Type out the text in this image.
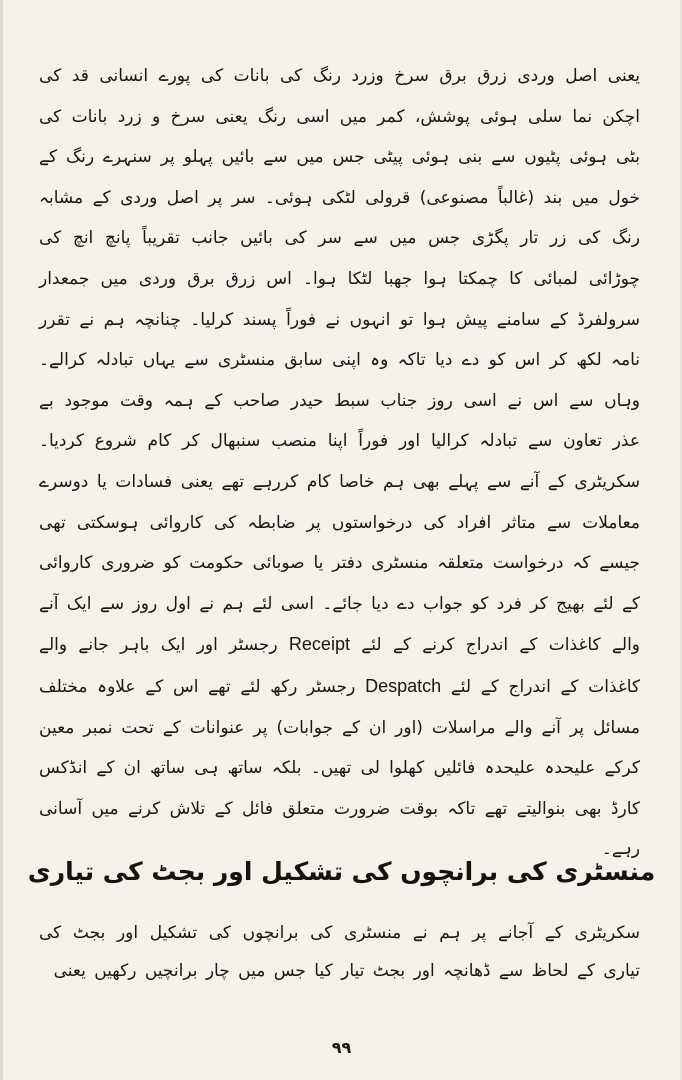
یعنی اصل وردی زرق برق سرخ وزرد رنگ کی بانات کی پورے انسانی قد کی اچکن نما سلی ہوئی پوشش، کمر میں اسی رنگ یعنی سرخ و زرد بانات کی بٹی ہوئی پٹیوں سے بنی ہوئی پیٹی جس میں سے بائیں پہلو پر سنہرے رنگ کے خول میں بند (غالباً مصنوعی) قرولی لٹکی ہوئی۔ سر پر اصل وردی کے مشابہ رنگ کی زر تار پگڑی جس میں سے سر کی بائیں جانب تقریباً پانچ انچ کی چوڑائی لمبائی کا چمکتا ہوا جھبا لٹکا ہوا۔ اس زرق برق وردی میں جمعدار سرولفرڈ کے سامنے پیش ہوا تو انہوں نے فوراً پسند کرلیا۔ چنانچہ ہم نے تقرر نامہ لکھ کر اس کو دے دیا تاکہ وہ اپنی سابق منسٹری سے یہاں تبادلہ کرالے۔ وہاں سے اس نے اسی روز جناب سبط حیدر صاحب کے ہمہ وقت موجود بے عذر تعاون سے تبادلہ کرالیا اور فوراً اپنا منصب سنبھال کر کام شروع کردیا۔ سکریٹری کے آنے سے پہلے بھی ہم خاصا کام کررہے تھے یعنی فسادات یا دوسرے معاملات سے متاثر افراد کی درخواستوں پر ضابطہ کی کاروائی ہوسکتی تھی جیسے کہ درخواست متعلقہ منسٹری دفتر یا صوبائی حکومت کو ضروری کاروائی کے لئے بھیج کر فرد کو جواب دے دیا جائے۔ اسی لئے ہم نے اول روز سے ایک آنے والے کاغذات کے اندراج کرنے کے لئے Receipt رجسٹر اور ایک باہر جانے والے کاغذات کے اندراج کے لئے Despatch رجسٹر رکھ لئے تھے اس کے علاوہ مختلف مسائل پر آنے والے مراسلات (اور ان کے جوابات) پر عنوانات کے تحت نمبر معین کرکے علیحدہ علیحدہ فائلیں کھلوا لی تھیں۔ بلکہ ساتھ ہی ساتھ ان کے انڈکس کارڈ بھی بنوالیتے تھے تاکہ بوقت ضرورت متعلق فائل کے تلاش کرنے میں آسانی رہے۔
منسٹری کی برانچوں کی تشکیل اور بجٹ کی تیاری
سکریٹری کے آجانے پر ہم نے منسٹری کی برانچوں کی تشکیل اور بجٹ کی تیاری کے لحاظ سے ڈھانچہ اور بجٹ تیار کیا جس میں چار برانچیں رکھیں یعنی
۹۹
